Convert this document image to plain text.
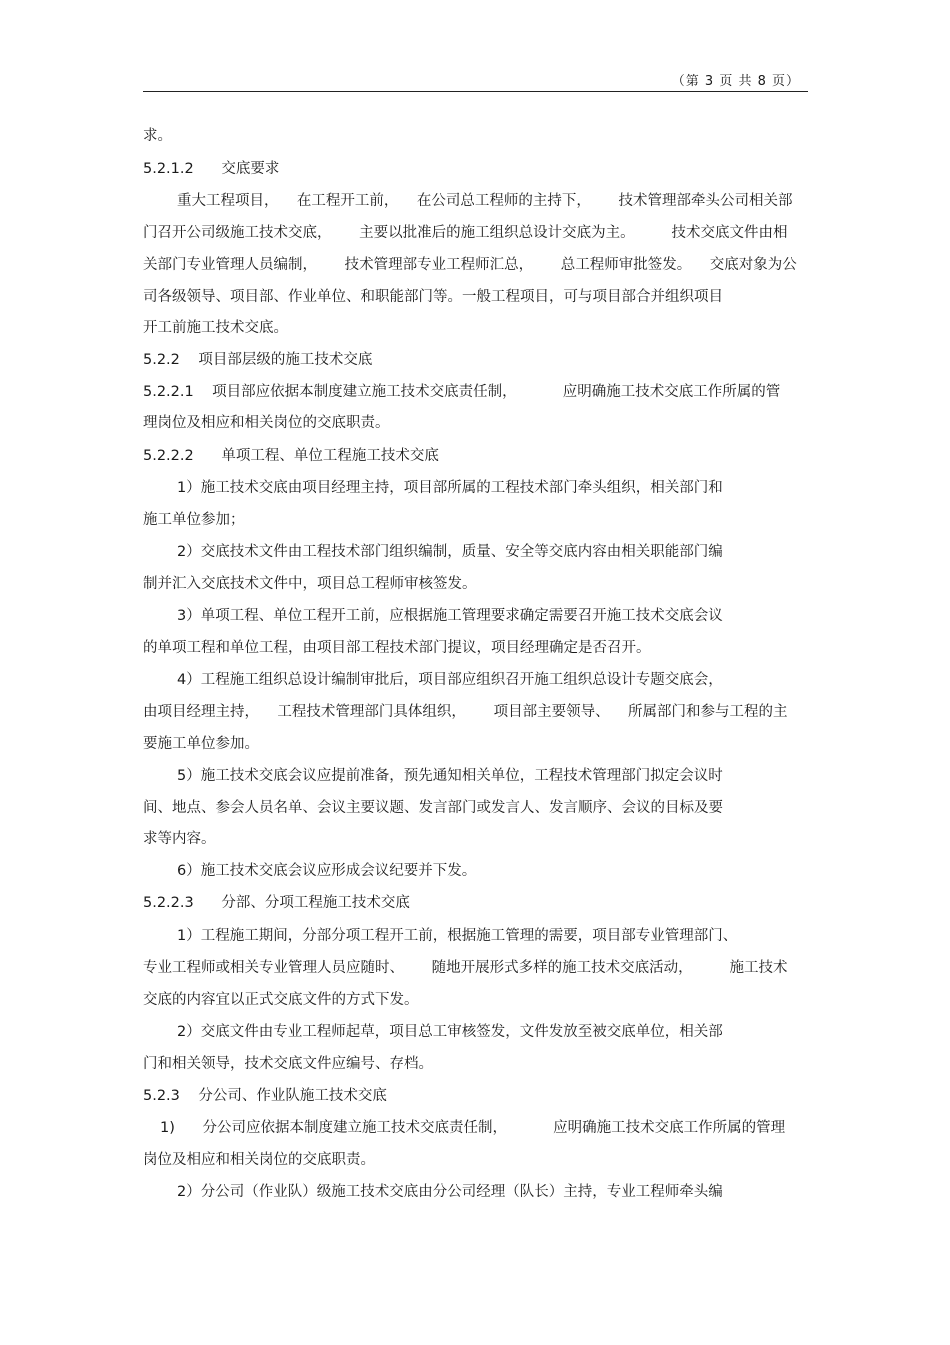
（第 3 页 共 8 页）
求。
5.2.1.2      交底要求
重大工程项目，    在工程开工前，    在公司总工程师的主持下，      技术管理部牵头公司相关部
门召开公司级施工技术交底，      主要以批准后的施工组织总设计交底为主。        技术交底文件由相
关部门专业管理人员编制，      技术管理部专业工程师汇总，      总工程师审批签发。    交底对象为公
司各级领导、项目部、作业单位、和职能部门等。一般工程项目，可与项目部合并组织项目
开工前施工技术交底。
5.2.2    项目部层级的施工技术交底
5.2.2.1    项目部应依据本制度建立施工技术交底责任制，          应明确施工技术交底工作所属的管
理岗位及相应和相关岗位的交底职责。
5.2.2.2      单项工程、单位工程施工技术交底
1）施工技术交底由项目经理主持，项目部所属的工程技术部门牵头组织，相关部门和
施工单位参加；
2）交底技术文件由工程技术部门组织编制，质量、安全等交底内容由相关职能部门编
制并汇入交底技术文件中，项目总工程师审核签发。
3）单项工程、单位工程开工前，应根据施工管理要求确定需要召开施工技术交底会议
的单项工程和单位工程，由项目部工程技术部门提议，项目经理确定是否召开。
4）工程施工组织总设计编制审批后，项目部应组织召开施工组织总设计专题交底会，
由项目经理主持，    工程技术管理部门具体组织，      项目部主要领导、    所属部门和参与工程的主
要施工单位参加。
5）施工技术交底会议应提前准备，预先通知相关单位，工程技术管理部门拟定会议时
间、地点、参会人员名单、会议主要议题、发言部门或发言人、发言顺序、会议的目标及要
求等内容。
6）施工技术交底会议应形成会议纪要并下发。
5.2.2.3      分部、分项工程施工技术交底
1）工程施工期间，分部分项工程开工前，根据施工管理的需要，项目部专业管理部门、
专业工程师或相关专业管理人员应随时、      随地开展形式多样的施工技术交底活动，        施工技术
交底的内容宜以正式交底文件的方式下发。
2）交底文件由专业工程师起草，项目总工审核签发，文件发放至被交底单位，相关部
门和相关领导，技术交底文件应编号、存档。
5.2.3    分公司、作业队施工技术交底
1)      分公司应依据本制度建立施工技术交底责任制，          应明确施工技术交底工作所属的管理
岗位及相应和相关岗位的交底职责。
2）分公司（作业队）级施工技术交底由分公司经理（队长）主持，专业工程师牵头编
